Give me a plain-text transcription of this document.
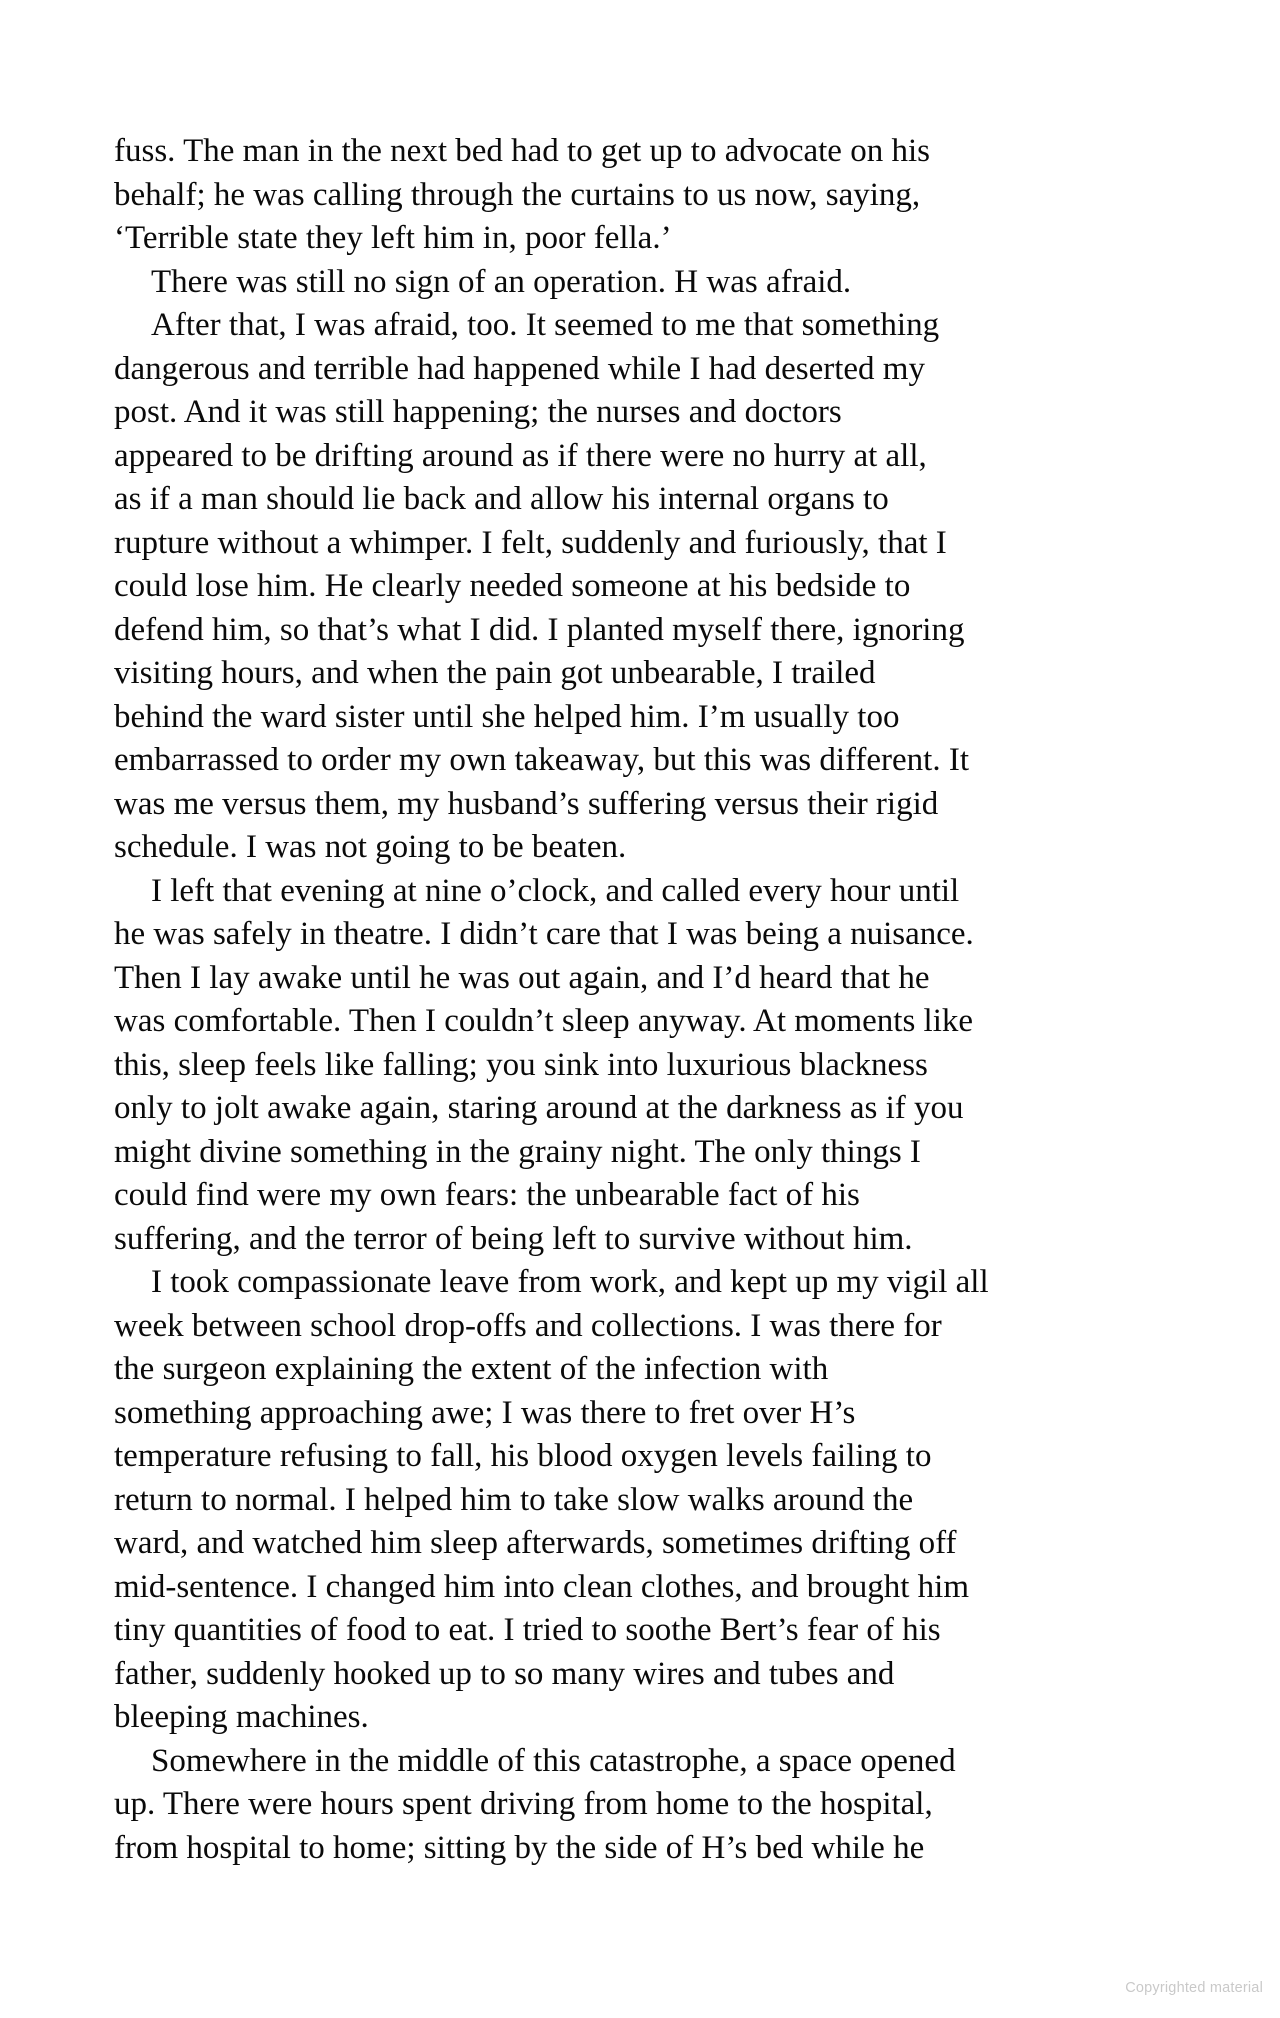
fuss. The man in the next bed had to get up to advocate on his
behalf; he was calling through the curtains to us now, saying,
‘Terrible state they left him in, poor fella.’
There was still no sign of an operation. H was afraid.
After that, I was afraid, too. It seemed to me that something
dangerous and terrible had happened while I had deserted my
post. And it was still happening; the nurses and doctors
appeared to be drifting around as if there were no hurry at all,
as if a man should lie back and allow his internal organs to
rupture without a whimper. I felt, suddenly and furiously, that I
could lose him. He clearly needed someone at his bedside to
defend him, so that’s what I did. I planted myself there, ignoring
visiting hours, and when the pain got unbearable, I trailed
behind the ward sister until she helped him. I’m usually too
embarrassed to order my own takeaway, but this was different. It
was me versus them, my husband’s suffering versus their rigid
schedule. I was not going to be beaten.
I left that evening at nine o’clock, and called every hour until
he was safely in theatre. I didn’t care that I was being a nuisance.
Then I lay awake until he was out again, and I’d heard that he
was comfortable. Then I couldn’t sleep anyway. At moments like
this, sleep feels like falling; you sink into luxurious blackness
only to jolt awake again, staring around at the darkness as if you
might divine something in the grainy night. The only things I
could find were my own fears: the unbearable fact of his
suffering, and the terror of being left to survive without him.
I took compassionate leave from work, and kept up my vigil all
week between school drop-offs and collections. I was there for
the surgeon explaining the extent of the infection with
something approaching awe; I was there to fret over H’s
temperature refusing to fall, his blood oxygen levels failing to
return to normal. I helped him to take slow walks around the
ward, and watched him sleep afterwards, sometimes drifting off
mid-sentence. I changed him into clean clothes, and brought him
tiny quantities of food to eat. I tried to soothe Bert’s fear of his
father, suddenly hooked up to so many wires and tubes and
bleeping machines.
Somewhere in the middle of this catastrophe, a space opened
up. There were hours spent driving from home to the hospital,
from hospital to home; sitting by the side of H’s bed while he
Copyrighted material
